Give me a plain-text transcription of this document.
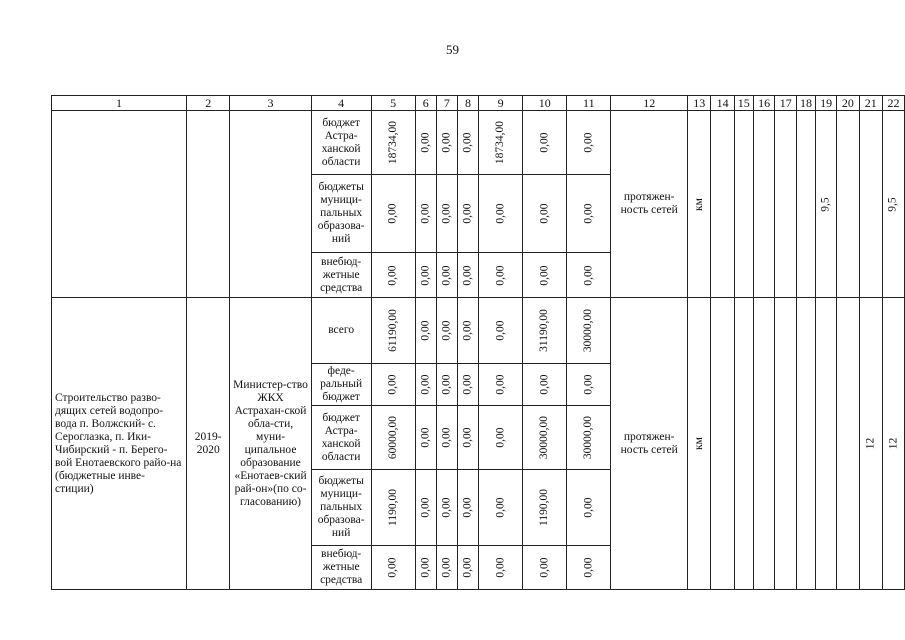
59
1	2	3	4	5	6	7	8	9	10	11	12	13	14	15	16	17	18	19	20	21	22

			бюджет Астра-ханской области	18734,00	0,00	0,00	0,00	18734,00	0,00	0,00	протяжен-ность сетей	км						9,5			9,5

			бюджеты муници-пальных образова-ний	0,00	0,00	0,00	0,00	0,00	0,00	0,00											

			внебюд-жетные средства	0,00	0,00	0,00	0,00	0,00	0,00	0,00											

Строительство разво-дящих сетей водопро-вода п. Волжский- с. Сероглазка, п. Ики-Чибирский - п. Берего-вой Енотаевского райо-на (бюджетные инве-стиции)	2019-2020	Министер-ство ЖКХ Астрахан-ской обла-сти, муни-ципальное образование «Енотаев-ский рай-он»(по со-гласованию)	всего	61190,00	0,00	0,00	0,00	0,00	31190,00	30000,00	протяжен-ность сетей	км								12	12

			феде-ральный бюджет	0,00	0,00	0,00	0,00	0,00	0,00	0,00											

			бюджет Астра-ханской области	60000,00	0,00	0,00	0,00	0,00	30000,00	30000,00											

			бюджеты муници-пальных образова-ний	1190,00	0,00	0,00	0,00	0,00	1190,00	0,00											

			внебюд-жетные средства	0,00	0,00	0,00	0,00	0,00	0,00	0,00											
